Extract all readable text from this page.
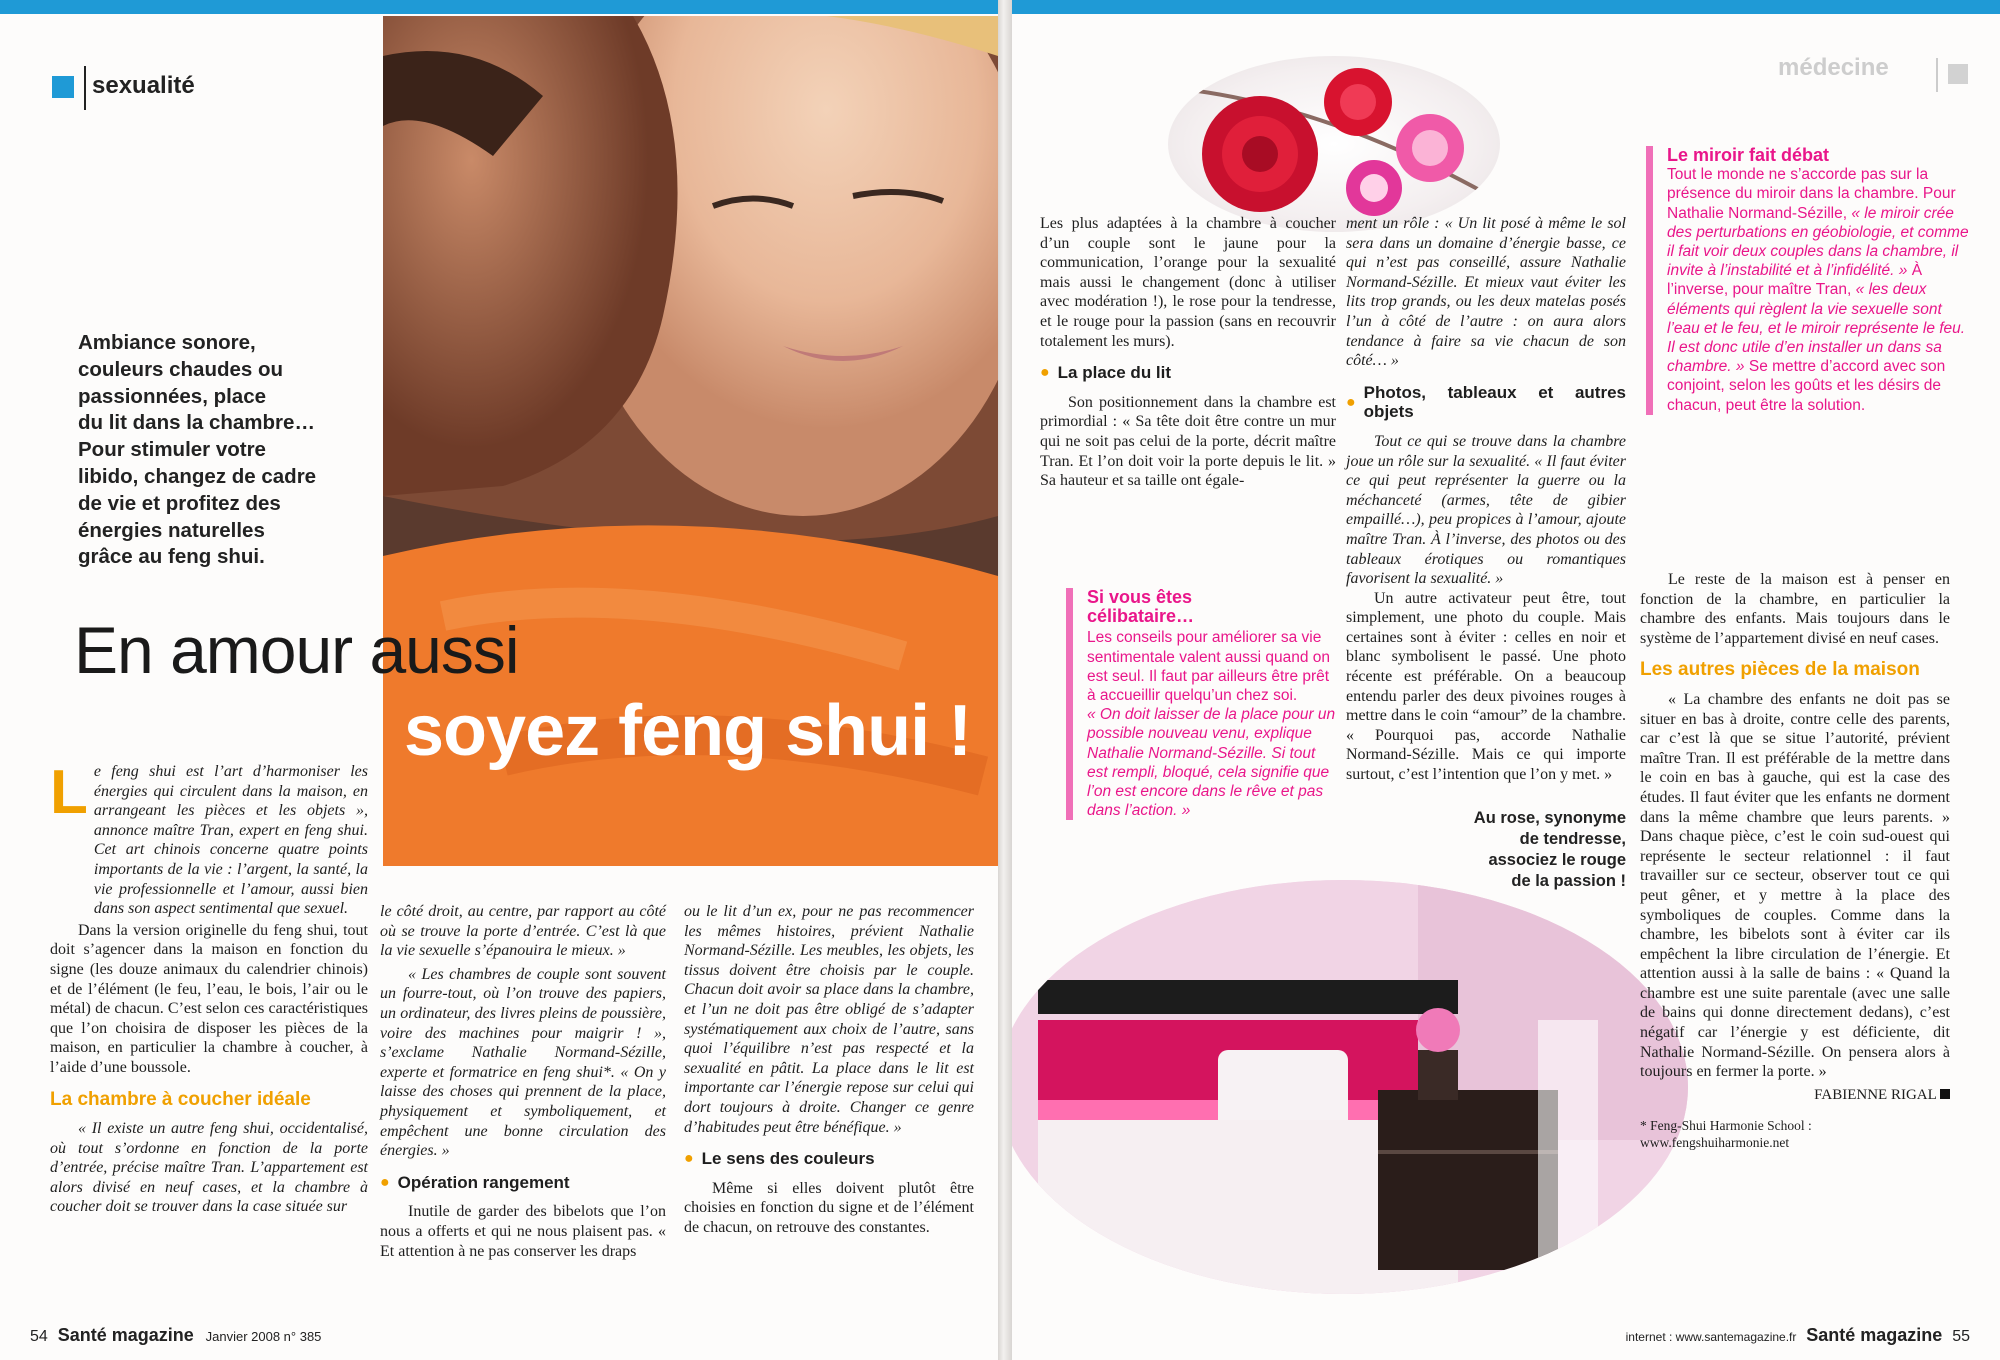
sexualité
Ambiance sonore,
couleurs chaudes ou
passionnées, place
du lit dans la chambre…
Pour stimuler votre
libido, changez de cadre
de vie et profitez des
énergies naturelles
grâce au feng shui.
En amour aussi
soyez feng shui !
L e feng shui est l’art d’harmoniser les énergies qui circulent dans la maison, en arrangeant les pièces et les objets », annonce maître Tran, expert en feng shui. Cet art chinois concerne quatre points importants de la vie : l’argent, la santé, la vie professionnelle et l’amour, aussi bien dans son aspect sentimental que sexuel.

Dans la version originelle du feng shui, tout doit s’agencer dans la maison en fonction du signe (les douze animaux du calendrier chinois) et de l’élément (le feu, l’eau, le bois, l’air ou le métal) de chacun. C’est selon ces caractéristiques que l’on choisira de disposer les pièces de la maison, en particulier la chambre à coucher, à l’aide d’une boussole.

La chambre à coucher idéale

« Il existe un autre feng shui, occidentalisé, où tout s’ordonne en fonction de la porte d’entrée, précise maître Tran. L’appartement est alors divisé en neuf cases, et la chambre à coucher doit se trouver dans la case située sur

le côté droit, au centre, par rapport au côté où se trouve la porte d’entrée. C’est là que la vie sexuelle s’épanouira le mieux. »

« Les chambres de couple sont souvent un fourre-tout, où l’on trouve des papiers, un ordinateur, des livres pleins de poussière, voire des machines pour maigrir ! », s’exclame Nathalie Normand-Sézille, experte et formatrice en feng shui*. « On y laisse des choses qui prennent de la place, physiquement et symboliquement, et empêchent une bonne circulation des énergies. »

● Opération rangement

Inutile de garder des bibelots que l’on nous a offerts et qui ne nous plaisent pas. « Et attention à ne pas conserver les draps

ou le lit d’un ex, pour ne pas recommencer les mêmes histoires, prévient Nathalie Normand-Sézille. Les meubles, les objets, les tissus doivent être choisis par le couple. Chacun doit avoir sa place dans la chambre, et l’un ne doit pas être obligé de s’adapter systématiquement aux choix de l’autre, sans quoi l’équilibre n’est pas respecté et la sexualité en pâtit. La place dans le lit est importante car l’énergie repose sur celui qui dort toujours à droite. Changer ce genre d’habitudes peut être bénéfique. »

● Le sens des couleurs

Même si elles doivent plutôt être choisies en fonction du signe et de l’élément de chacun, on retrouve des constantes.

54 Santé magazine Janvier 2008 n° 385
médecine

Les plus adaptées à la chambre à coucher d’un couple sont le jaune pour la communication, l’orange pour la sexualité mais aussi le changement (donc à utiliser avec modération !), le rose pour la tendresse, et le rouge pour la passion (sans en recouvrir totalement les murs).

● La place du lit

Son positionnement dans la chambre est primordial : « Sa tête doit être contre un mur qui ne soit pas celui de la porte, décrit maître Tran. Et l’on doit voir la porte depuis le lit. » Sa hauteur et sa taille ont égale-

Si vous êtes
célibataire…
Les conseils pour améliorer sa vie sentimentale valent aussi quand on est seul. Il faut par ailleurs être prêt à accueillir quelqu’un chez soi.
« On doit laisser de la place pour un possible nouveau venu, explique Nathalie Normand-Sézille. Si tout est rempli, bloqué, cela signifie que l’on est encore dans le rêve et pas dans l’action. »

ment un rôle : « Un lit posé à même le sol sera dans un domaine d’énergie basse, ce qui n’est pas conseillé, assure Nathalie Normand-Sézille. Et mieux vaut éviter les lits trop grands, ou les deux matelas posés l’un à côté de l’autre : on aura alors tendance à faire sa vie chacun de son côté… »

●
Photos, tableaux et autres objets

Tout ce qui se trouve dans la chambre joue un rôle sur la sexualité. « Il faut éviter ce qui peut représenter la guerre ou la méchanceté (armes, tête de gibier empaillé…), peu propices à l’amour, ajoute maître Tran. À l’inverse, des photos ou des tableaux érotiques ou romantiques favorisent la sexualité. »

Un autre activateur peut être, tout simplement, une photo du couple. Mais certaines sont à éviter : celles en noir et blanc symbolisent le passé. Une photo récente est préférable. On a beaucoup entendu parler des deux pivoines rouges à mettre dans le coin “amour” de la chambre. « Pourquoi pas, accorde Nathalie Normand-Sézille. Mais ce qui importe surtout, c’est l’intention que l’on y met. »

Au rose, synonyme
de tendresse,
associez le rouge
de la passion !
Le miroir fait débat
Tout le monde ne s’accorde pas sur la présence du miroir dans la chambre. Pour Nathalie Normand-Sézille, « le miroir crée des perturbations en géobiologie, et comme il fait voir deux couples dans la chambre, il invite à l’instabilité et à l’infidélité. » À l’inverse, pour maître Tran, « les deux éléments qui règlent la vie sexuelle sont l’eau et le feu, et le miroir représente le feu. Il est donc utile d’en installer un dans sa chambre. » Se mettre d’accord avec son conjoint, selon les goûts et les désirs de chacun, peut être la solution.

Le reste de la maison est à penser en fonction de la chambre, en particulier la chambre des enfants. Mais toujours dans le système de l’appartement divisé en neuf cases.

Les autres pièces de la maison

« La chambre des enfants ne doit pas se situer en bas à droite, contre celle des parents, car c’est là que se situe l’autorité, prévient maître Tran. Il est préférable de la mettre dans le coin en bas à gauche, qui est la case des études. Il faut éviter que les enfants ne dorment dans la même chambre que leurs parents. » Dans chaque pièce, c’est le coin sud-ouest qui représente le secteur relationnel : il faut travailler sur ce secteur, observer tout ce qui peut gêner, et y mettre à la place des symboliques de couples. Comme dans la chambre, les bibelots sont à éviter car ils empêchent la libre circulation de l’énergie. Et attention aussi à la salle de bains : « Quand la chambre est une suite parentale (avec une salle de bains qui donne directement dedans), c’est négatif car l’énergie y est déficiente, dit Nathalie Normand-Sézille. On pensera alors à toujours en fermer la porte. »

FABIENNE RIGAL
* Feng-Shui Harmonie School : www.fengshuiharmonie.net
internet : www.santemagazine.fr Santé magazine 55
